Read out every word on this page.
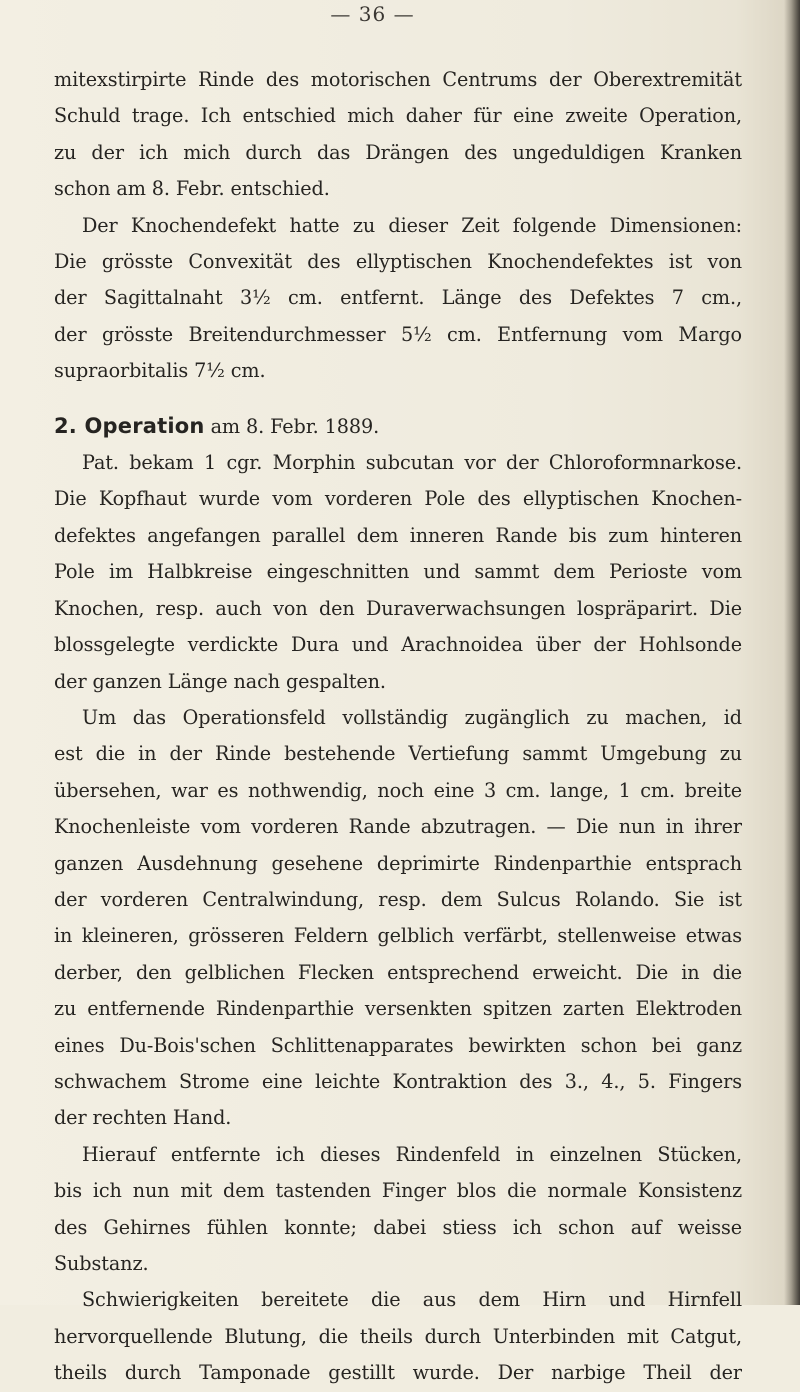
— 36 —

mitexstirpirte Rinde des motorischen Centrums der Oberextremität
Schuld trage. Ich entschied mich daher für eine zweite Operation,
zu der ich mich durch das Drängen des ungeduldigen Kranken
schon am 8. Febr. entschied.
Der Knochendefekt hatte zu dieser Zeit folgende Dimensionen:
Die grösste Convexität des ellyptischen Knochendefektes ist von
der Sagittalnaht 3½ cm. entfernt. Länge des Defektes 7 cm.,
der grösste Breitendurchmesser 5½ cm. Entfernung vom Margo
supraorbitalis 7½ cm.
2. Operation am 8. Febr. 1889.
Pat. bekam 1 cgr. Morphin subcutan vor der Chloroformnarkose.
Die Kopfhaut wurde vom vorderen Pole des ellyptischen Knochen-
defektes angefangen parallel dem inneren Rande bis zum hinteren
Pole im Halbkreise eingeschnitten und sammt dem Perioste vom
Knochen, resp. auch von den Duraverwachsungen lospräparirt. Die
blossgelegte verdickte Dura und Arachnoidea über der Hohlsonde
der ganzen Länge nach gespalten.
Um das Operationsfeld vollständig zugänglich zu machen, id
est die in der Rinde bestehende Vertiefung sammt Umgebung zu
übersehen, war es nothwendig, noch eine 3 cm. lange, 1 cm. breite
Knochenleiste vom vorderen Rande abzutragen. — Die nun in ihrer
ganzen Ausdehnung gesehene deprimirte Rindenparthie entsprach
der vorderen Centralwindung, resp. dem Sulcus Rolando. Sie ist
in kleineren, grösseren Feldern gelblich verfärbt, stellenweise etwas
derber, den gelblichen Flecken entsprechend erweicht. Die in die
zu entfernende Rindenparthie versenkten spitzen zarten Elektroden
eines Du-Bois'schen Schlittenapparates bewirkten schon bei ganz
schwachem Strome eine leichte Kontraktion des 3., 4., 5. Fingers
der rechten Hand.
Hierauf entfernte ich dieses Rindenfeld in einzelnen Stücken,
bis ich nun mit dem tastenden Finger blos die normale Konsistenz
des Gehirnes fühlen konnte; dabei stiess ich schon auf weisse
Substanz.
Schwierigkeiten bereitete die aus dem Hirn und Hirnfell
hervorquellende Blutung, die theils durch Unterbinden mit Catgut,
theils durch Tamponade gestillt wurde. Der narbige Theil der
